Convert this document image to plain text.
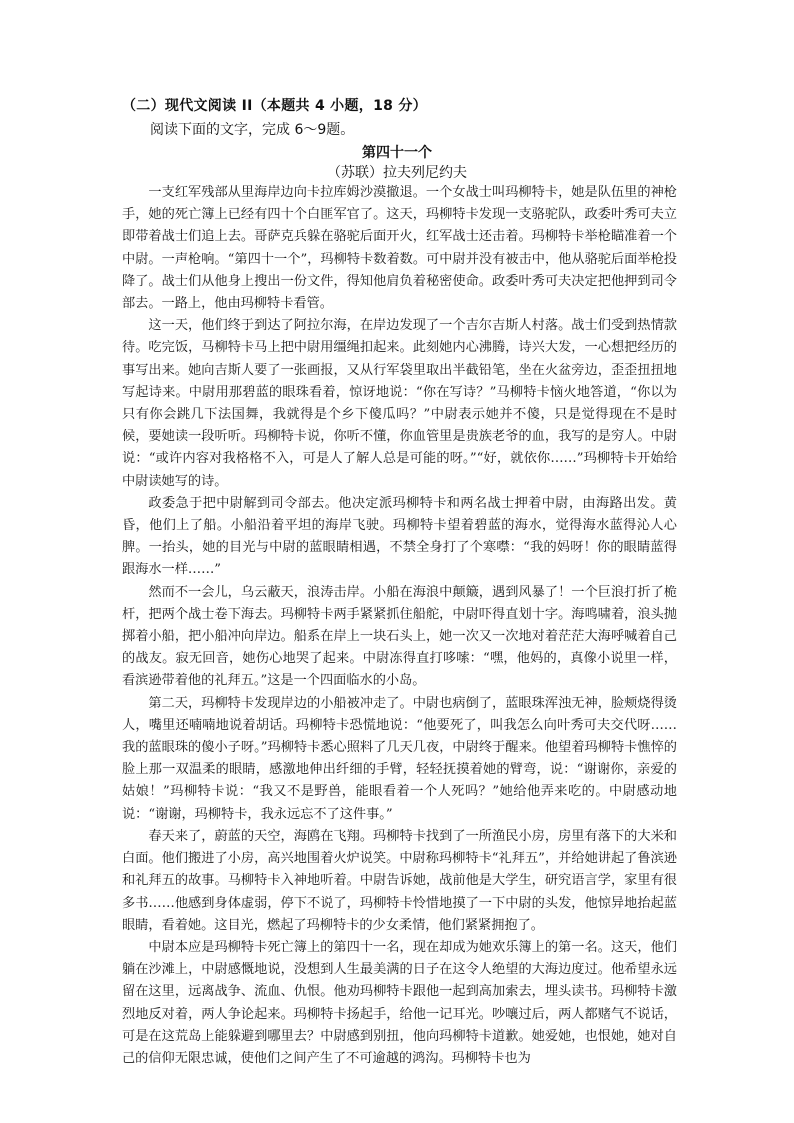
（二）现代文阅读 II（本题共 4 小题，18 分）
阅读下面的文字，完成 6～9题。
第四十一个
（苏联）拉夫列尼约夫

一支红军残部从里海岸边向卡拉库姆沙漠撤退。一个女战士叫玛柳特卡，她是队伍里的神枪手，她的死亡簿上已经有四十个白匪军官了。这天，玛柳特卡发现一支骆驼队，政委叶秀可夫立即带着战士们追上去。哥萨克兵躲在骆驼后面开火，红军战士还击着。玛柳特卡举枪瞄准着一个中尉。一声枪响。“第四十一个”，玛柳特卡数着数。可中尉并没有被击中，他从骆驼后面举枪投降了。战士们从他身上搜出一份文件，得知他肩负着秘密使命。政委叶秀可夫决定把他押到司令部去。一路上，他由玛柳特卡看管。

这一天，他们终于到达了阿拉尔海，在岸边发现了一个吉尔吉斯人村落。战士们受到热情款待。吃完饭，马柳特卡马上把中尉用缰绳扣起来。此刻她内心沸腾，诗兴大发，一心想把经历的事写出来。她向吉斯人要了一张画报，又从行军袋里取出半截铅笔，坐在火盆旁边，歪歪扭扭地写起诗来。中尉用那碧蓝的眼珠看着，惊讶地说：“你在写诗？”马柳特卡恼火地答道，“你以为只有你会跳几下法国舞，我就得是个乡下傻瓜吗？”中尉表示她并不傻，只是觉得现在不是时候，要她读一段听听。玛柳特卡说，你听不懂，你血管里是贵族老爷的血，我写的是穷人。中尉说：“或许内容对我格格不入，可是人了解人总是可能的呀。”“好，就依你……”玛柳特卡开始给中尉读她写的诗。

政委急于把中尉解到司令部去。他决定派玛柳特卡和两名战士押着中尉，由海路出发。黄昏，他们上了船。小船沿着平坦的海岸飞驶。玛柳特卡望着碧蓝的海水，觉得海水蓝得沁人心脾。一抬头，她的目光与中尉的蓝眼睛相遇，不禁全身打了个寒噤：“我的妈呀！你的眼睛蓝得跟海水一样……”

然而不一会儿，乌云蔽天，浪涛击岸。小船在海浪中颠簸，遇到风暴了！一个巨浪打折了桅杆，把两个战士卷下海去。玛柳特卡两手紧紧抓住船舵，中尉吓得直划十字。海鸣啸着，浪头抛掷着小船，把小船冲向岸边。船系在岸上一块石头上，她一次又一次地对着茫茫大海呼喊着自己的战友。寂无回音，她伤心地哭了起来。中尉冻得直打哆嗦：“嘿，他妈的，真像小说里一样，看滨逊带着他的礼拜五。”这是一个四面临水的小岛。

第二天，玛柳特卡发现岸边的小船被冲走了。中尉也病倒了，蓝眼珠浑浊无神，脸颊烧得烫人，嘴里还喃喃地说着胡话。玛柳特卡恐慌地说：“他要死了，叫我怎么向叶秀可夫交代呀……我的蓝眼珠的傻小子呀。”玛柳特卡悉心照料了几天几夜，中尉终于醒来。他望着玛柳特卡憔悴的脸上那一双温柔的眼睛，感激地伸出纤细的手臂，轻轻抚摸着她的臂弯，说：“谢谢你，亲爱的姑娘！”玛柳特卡说：“我又不是野兽，能眼看着一个人死吗？”她给他弄来吃的。中尉感动地说：“谢谢，玛柳特卡，我永远忘不了这件事。”

春天来了，蔚蓝的天空，海鸥在飞翔。玛柳特卡找到了一所渔民小房，房里有落下的大米和白面。他们搬进了小房，高兴地围着火炉说笑。中尉称玛柳特卡“礼拜五”，并给她讲起了鲁滨逊和礼拜五的故事。马柳特卡入神地听着。中尉告诉她，战前他是大学生，研究语言学，家里有很多书……他感到身体虚弱，停下不说了，玛柳特卡怜惜地摸了一下中尉的头发，他惊异地抬起蓝眼睛，看着她。这目光，燃起了玛柳特卡的少女柔情，他们紧紧拥抱了。

中尉本应是玛柳特卡死亡簿上的第四十一名，现在却成为她欢乐簿上的第一名。这天，他们躺在沙滩上，中尉感慨地说，没想到人生最美满的日子在这令人绝望的大海边度过。他希望永远留在这里，远离战争、流血、仇恨。他劝玛柳特卡跟他一起到高加索去，埋头读书。玛柳特卡激烈地反对着，两人争论起来。玛柳特卡扬起手，给他一记耳光。吵嚷过后，两人都赌气不说话，可是在这荒岛上能躲避到哪里去？中尉感到别扭，他向玛柳特卡道歉。她爱她，也恨她，她对自己的信仰无限忠诚，使他们之间产生了不可逾越的鸿沟。玛柳特卡也为
